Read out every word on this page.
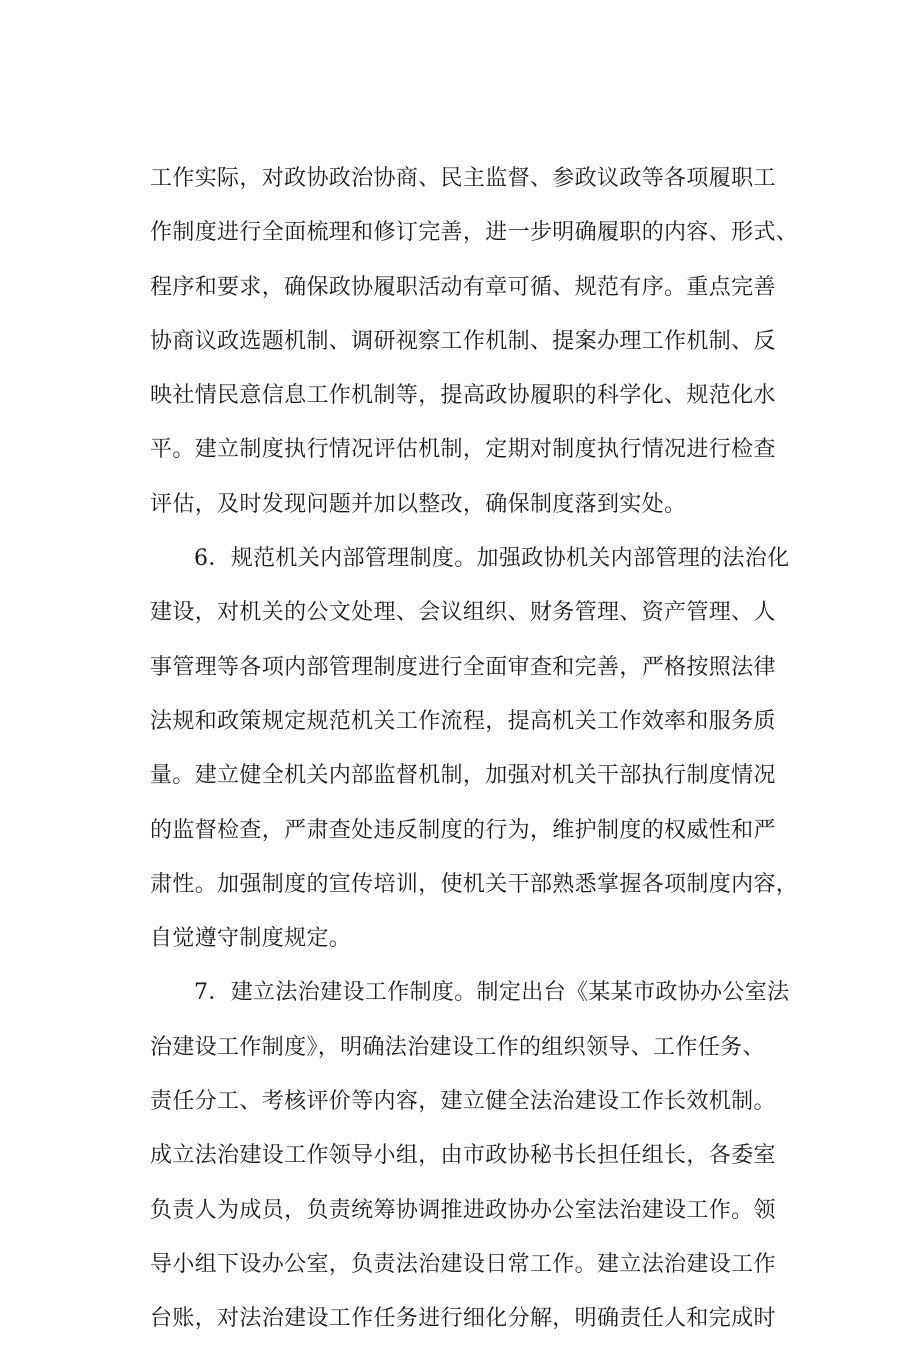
工作实际，对政协政治协商、民主监督、参政议政等各项履职工
作制度进行全面梳理和修订完善，进一步明确履职的内容、形式、
程序和要求，确保政协履职活动有章可循、规范有序。重点完善
协商议政选题机制、调研视察工作机制、提案办理工作机制、反
映社情民意信息工作机制等，提高政协履职的科学化、规范化水
平。建立制度执行情况评估机制，定期对制度执行情况进行检查
评估，及时发现问题并加以整改，确保制度落到实处。
6．规范机关内部管理制度。加强政协机关内部管理的法治化
建设，对机关的公文处理、会议组织、财务管理、资产管理、人
事管理等各项内部管理制度进行全面审查和完善，严格按照法律
法规和政策规定规范机关工作流程，提高机关工作效率和服务质
量。建立健全机关内部监督机制，加强对机关干部执行制度情况
的监督检查，严肃查处违反制度的行为，维护制度的权威性和严
肃性。加强制度的宣传培训，使机关干部熟悉掌握各项制度内容，
自觉遵守制度规定。
7．建立法治建设工作制度。制定出台《某某市政协办公室法
治建设工作制度》，明确法治建设工作的组织领导、工作任务、
责任分工、考核评价等内容，建立健全法治建设工作长效机制。
成立法治建设工作领导小组，由市政协秘书长担任组长，各委室
负责人为成员，负责统筹协调推进政协办公室法治建设工作。领
导小组下设办公室，负责法治建设日常工作。建立法治建设工作
台账，对法治建设工作任务进行细化分解，明确责任人和完成时
